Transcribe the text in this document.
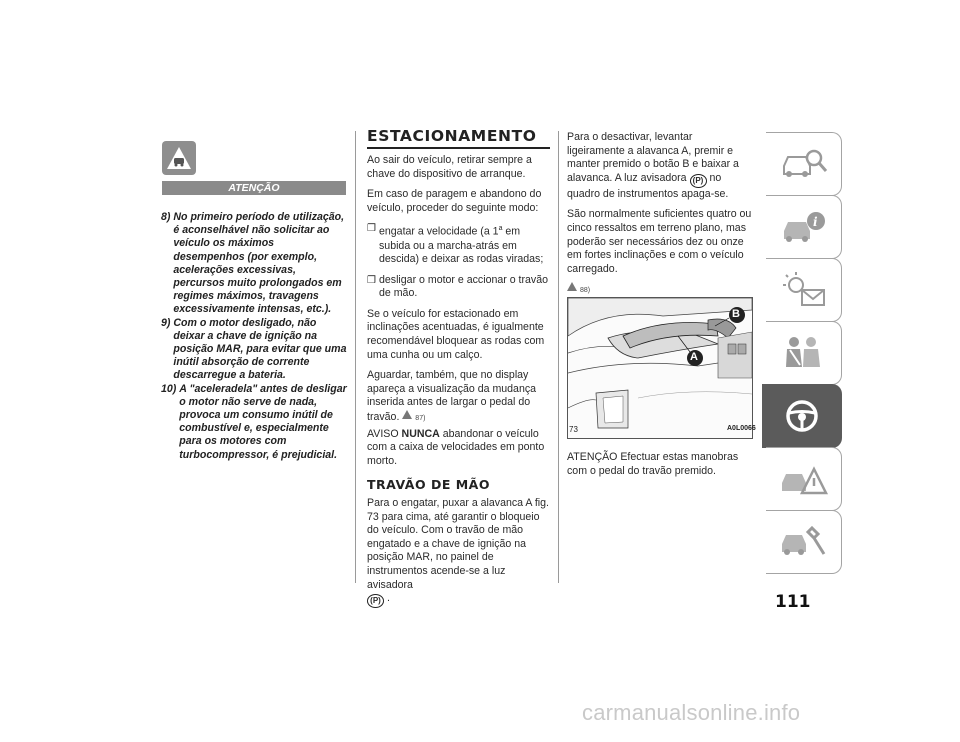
ATENÇÃO
8) No primeiro período de utilização, é aconselhável não solicitar ao veículo os máximos desempenhos (por exemplo, acelerações excessivas, percursos muito prolongados em regimes máximos, travagens excessivamente intensas, etc.).
9) Com o motor desligado, não deixar a chave de ignição na posição MAR, para evitar que uma inútil absorção de corrente descarregue a bateria.
10) A "aceleradela" antes de desligar o motor não serve de nada, provoca um consumo inútil de combustível e, especialmente para os motores com turbocompressor, é prejudicial.
ESTACIONAMENTO

Ao sair do veículo, retirar sempre a chave do dispositivo de arranque.

Em caso de paragem e abandono do veículo, proceder do seguinte modo:

❒ engatar a velocidade (a 1$^a$ em subida ou a marcha-atrás em descida) e deixar as rodas viradas;
❒ desligar o motor e accionar o travão de mão.

Se o veículo for estacionado em inclinações acentuadas, é igualmente recomendável bloquear as rodas com uma cunha ou um calço.

Aguardar, também, que no display apareça a visualização da mudança inserida antes de largar o pedal do travão. 87)

AVISO NUNCA abandonar o veículo com a caixa de velocidades em ponto morto.

TRAVÃO DE MÃO

Para o engatar, puxar a alavanca A fig. 73 para cima, até garantir o bloqueio do veículo. Com o travão de mão engatado e a chave de ignição na posição MAR, no painel de instrumentos acende-se a luz avisadora
(P) .

Para o desactivar, levantar ligeiramente a alavanca A, premir e manter premido o botão B e baixar a alavanca. A luz avisadora (P) no quadro de instrumentos apaga-se.

São normalmente suficientes quatro ou cinco ressaltos em terreno plano, mas poderão ser necessários dez ou onze em fortes inclinações e com o veículo carregado.

88)

A
B
73	A0L0066
ATENÇÃO Efectuar estas manobras com o pedal do travão premido.
i
111
carmanualsonline.info
